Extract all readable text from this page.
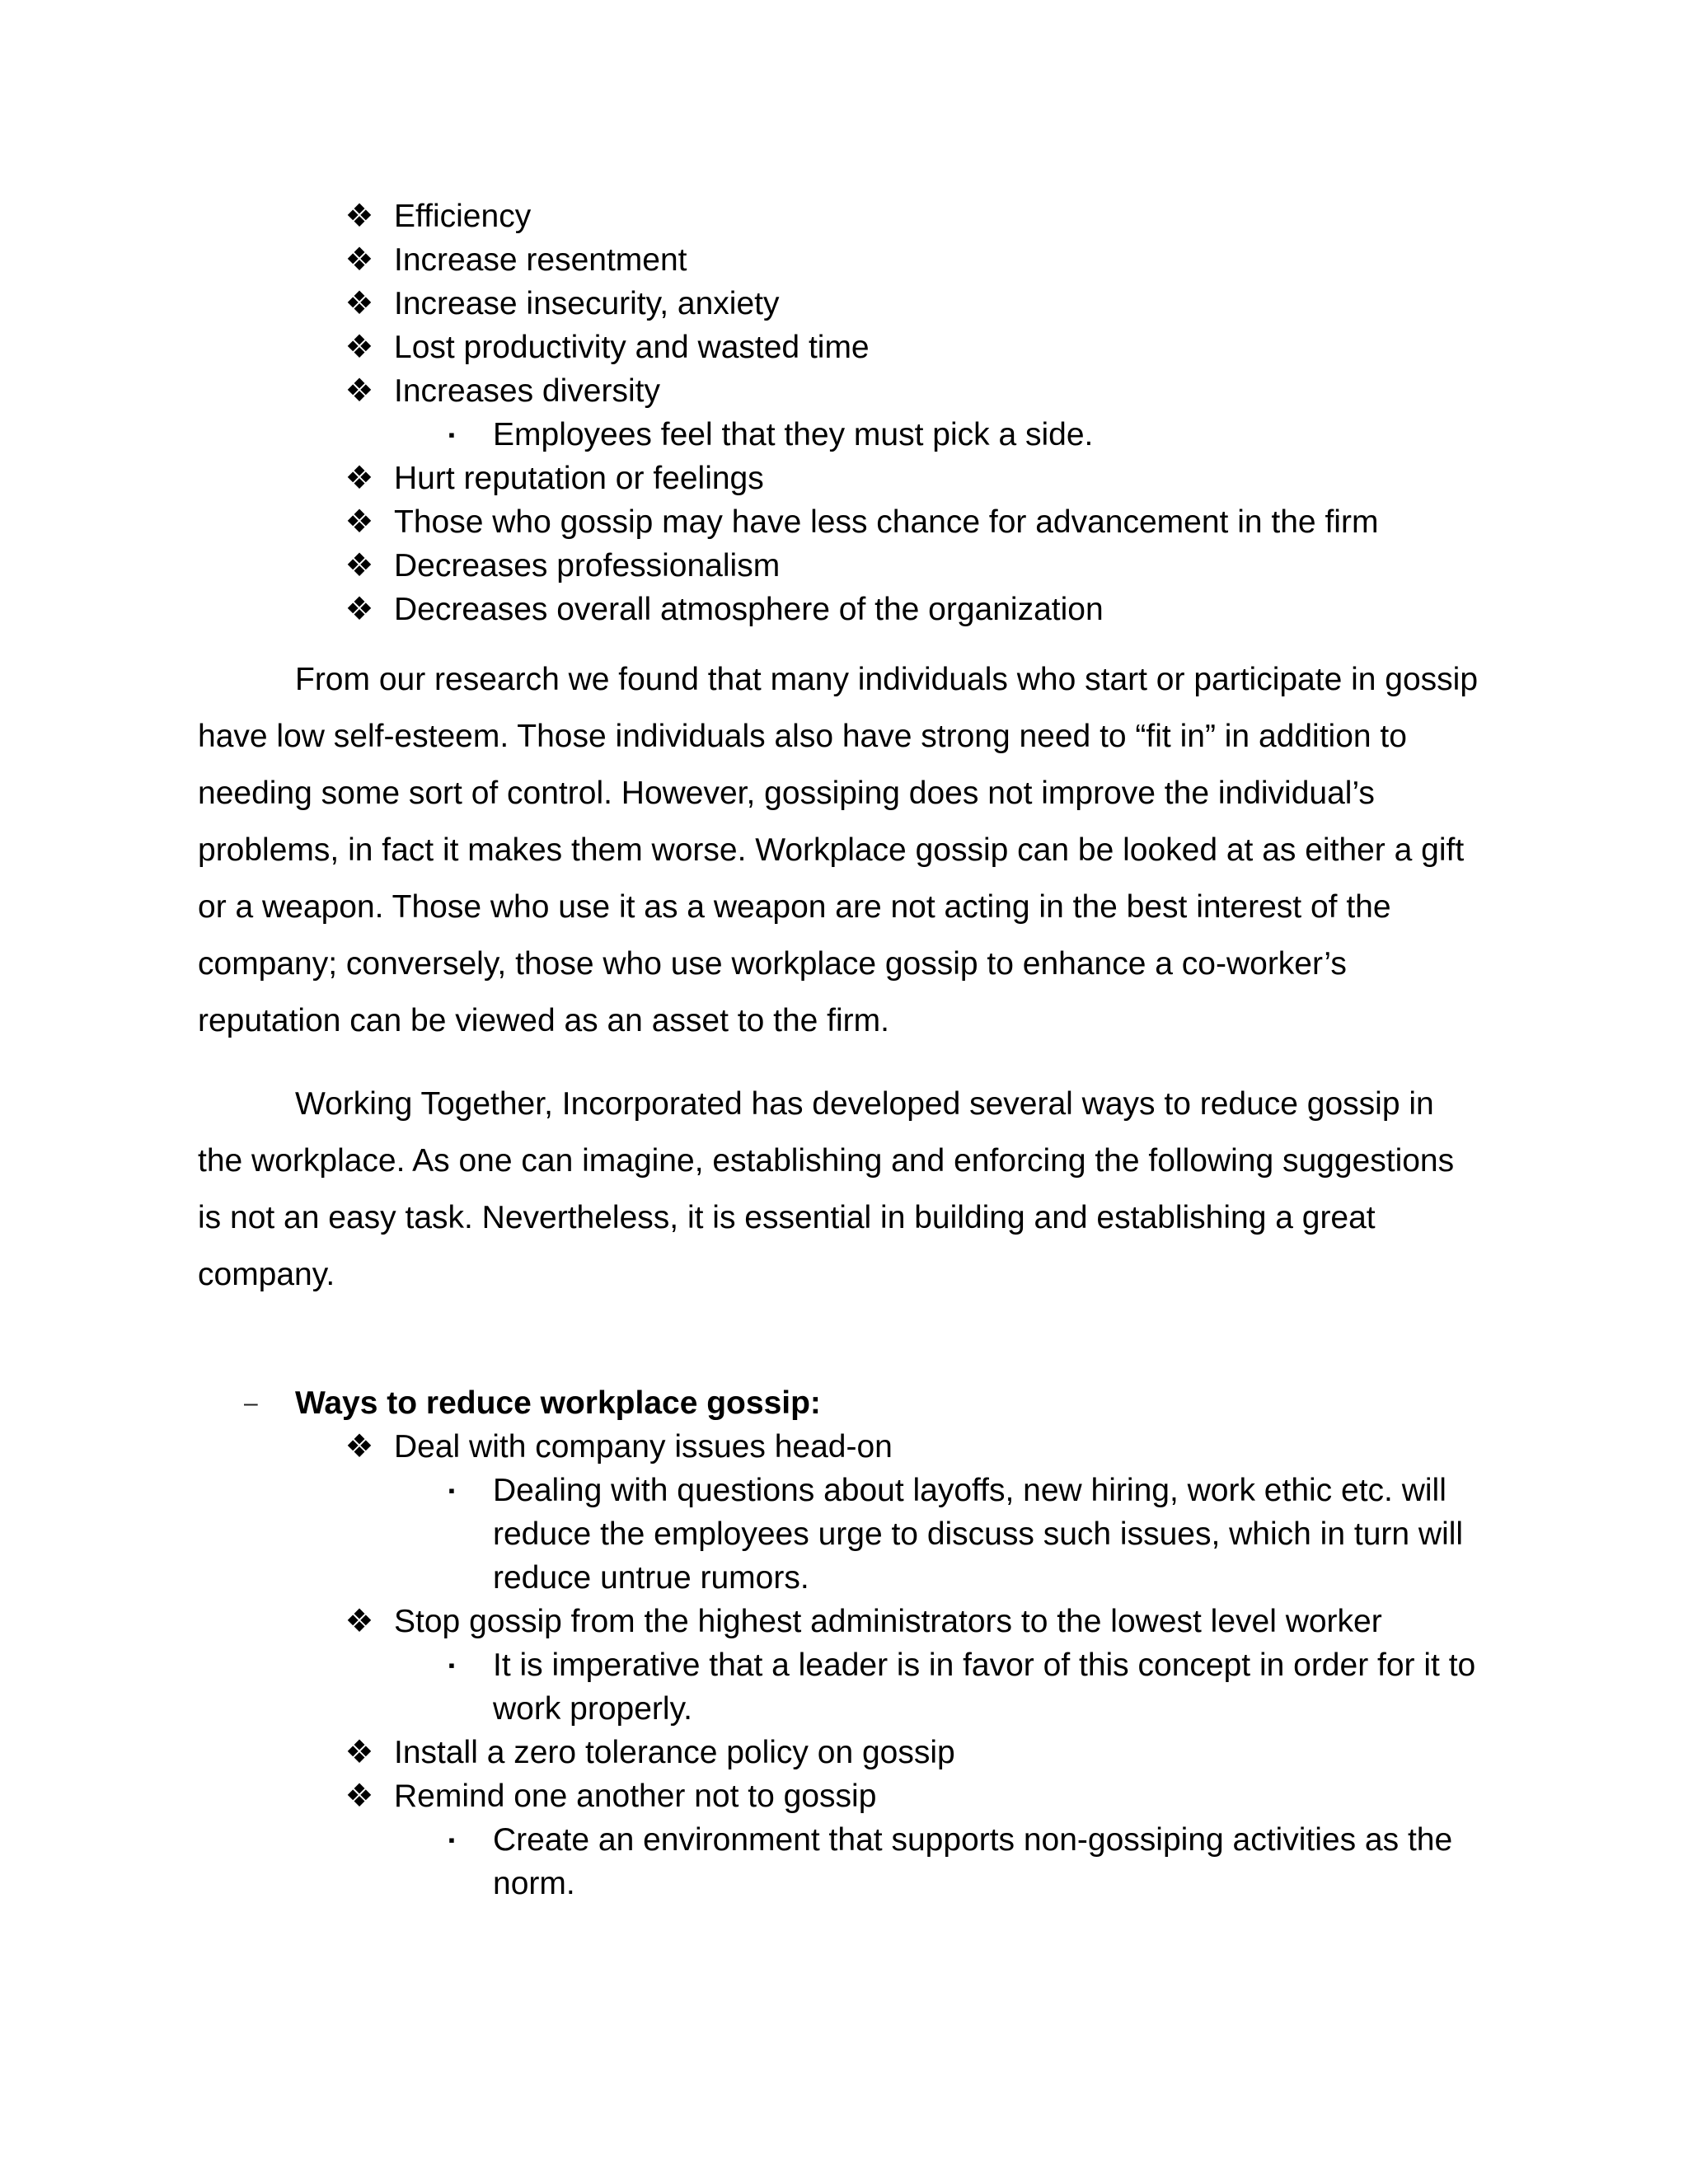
❖ Efficiency
❖ Increase resentment
❖ Increase insecurity, anxiety
❖ Lost productivity and wasted time
❖ Increases diversity
▪	Employees feel that they must pick a side.
❖ Hurt reputation or feelings
❖ Those who gossip may have less chance for advancement in the firm
❖ Decreases professionalism
❖ Decreases overall atmosphere of the organization

From our research we found that many individuals who start or participate in gossip have low self-esteem. Those individuals also have strong need to “fit in” in addition to needing some sort of control. However, gossiping does not improve the individual’s problems, in fact it makes them worse. Workplace gossip can be looked at as either a gift or a weapon. Those who use it as a weapon are not acting in the best interest of the company; conversely, those who use workplace gossip to enhance a co-worker’s reputation can be viewed as an asset to the firm.

Working Together, Incorporated has developed several ways to reduce gossip in the workplace. As one can imagine, establishing and enforcing the following suggestions is not an easy task. Nevertheless, it is essential in building and establishing a great company.

– Ways to reduce workplace gossip:
❖ Deal with company issues head-on
▪	Dealing with questions about layoffs, new hiring, work ethic etc. will reduce the employees urge to discuss such issues, which in turn will reduce untrue rumors.
❖ Stop gossip from the highest administrators to the lowest level worker
▪	It is imperative that a leader is in favor of this concept in order for it to work properly.
❖ Install a zero tolerance policy on gossip
❖ Remind one another not to gossip
▪	Create an environment that supports non-gossiping activities as the norm.
